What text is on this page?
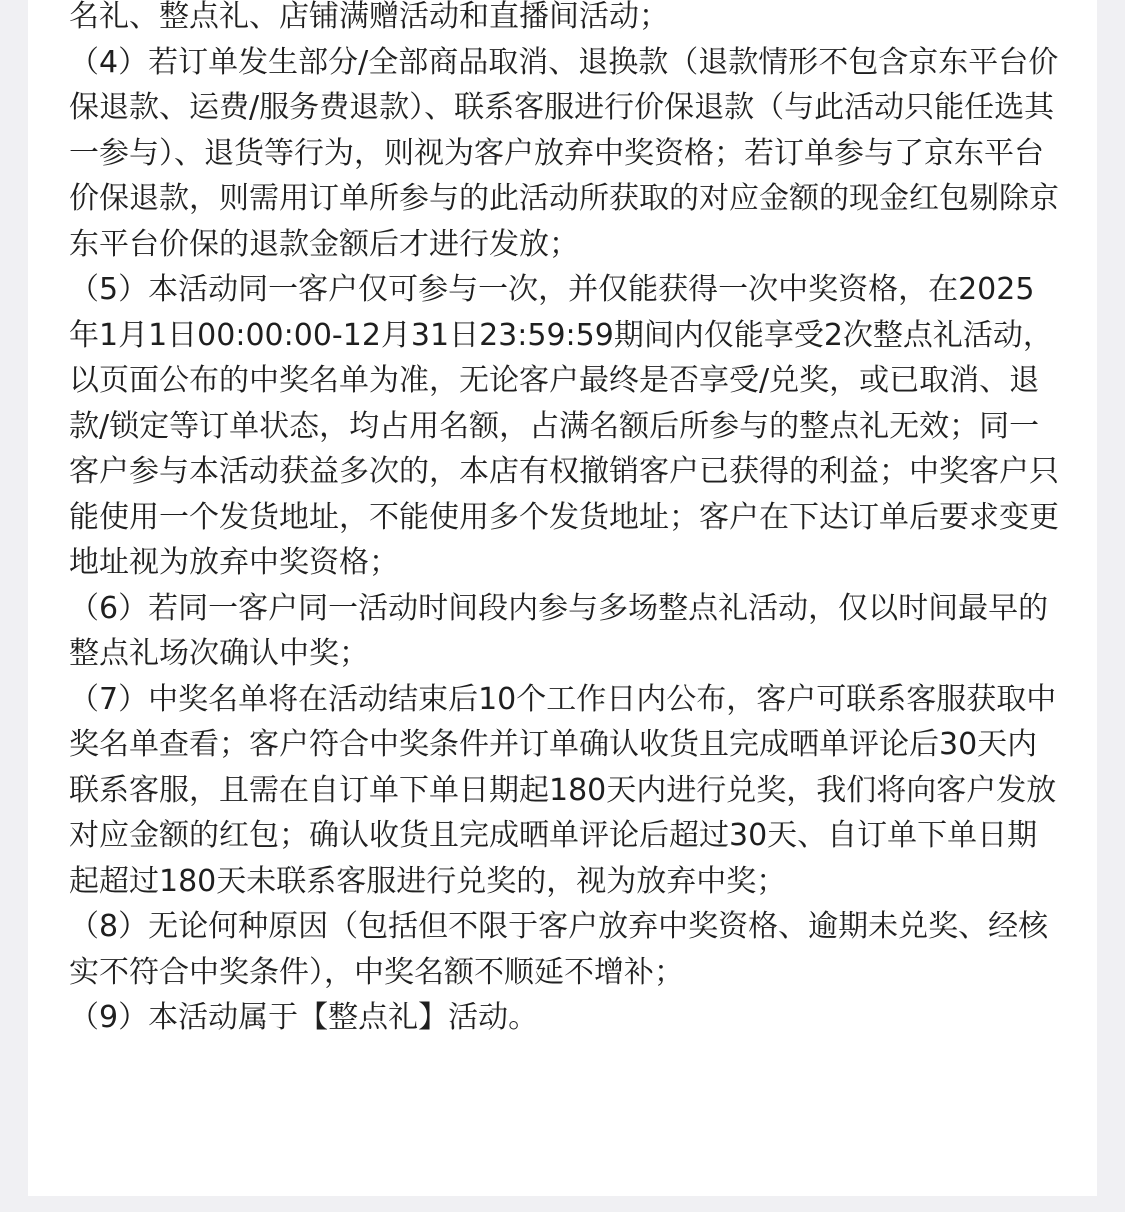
名礼、整点礼、店铺满赠活动和直播间活动；
（4）若订单发生部分/全部商品取消、退换款（退款情形不包含京东平台价保退款、运费/服务费退款）、联系客服进行价保退款（与此活动只能任选其一参与）、退货等行为，则视为客户放弃中奖资格；若订单参与了京东平台价保退款，则需用订单所参与的此活动所获取的对应金额的现金红包剔除京东平台价保的退款金额后才进行发放；
（5）本活动同一客户仅可参与一次，并仅能获得一次中奖资格，在2025年1月1日00:00:00-12月31日23:59:59期间内仅能享受2次整点礼活动，以页面公布的中奖名单为准，无论客户最终是否享受/兑奖，或已取消、退款/锁定等订单状态，均占用名额，占满名额后所参与的整点礼无效；同一客户参与本活动获益多次的，本店有权撤销客户已获得的利益；中奖客户只能使用一个发货地址，不能使用多个发货地址；客户在下达订单后要求变更地址视为放弃中奖资格；
（6）若同一客户同一活动时间段内参与多场整点礼活动，仅以时间最早的整点礼场次确认中奖；
（7）中奖名单将在活动结束后10个工作日内公布，客户可联系客服获取中奖名单查看；客户符合中奖条件并订单确认收货且完成晒单评论后30天内联系客服，且需在自订单下单日期起180天内进行兑奖，我们将向客户发放对应金额的红包；确认收货且完成晒单评论后超过30天、自订单下单日期起超过180天未联系客服进行兑奖的，视为放弃中奖；
（8）无论何种原因（包括但不限于客户放弃中奖资格、逾期未兑奖、经核实不符合中奖条件），中奖名额不顺延不增补；
（9）本活动属于【整点礼】活动。
